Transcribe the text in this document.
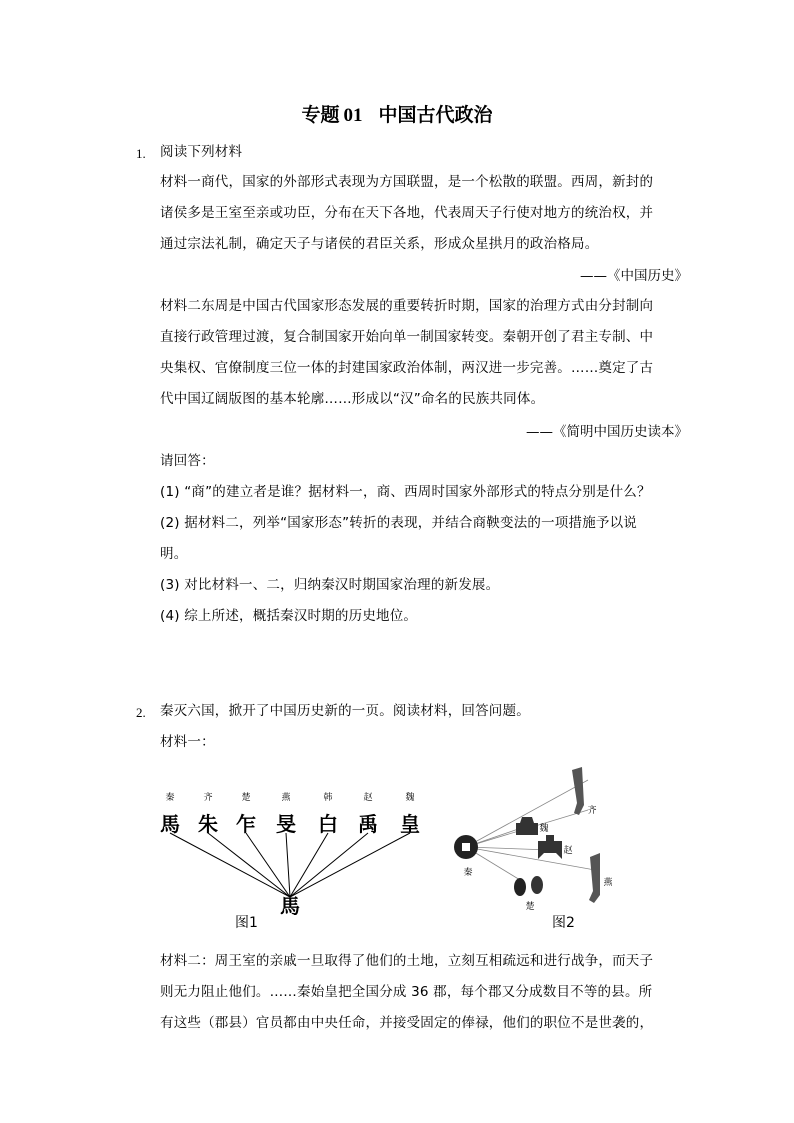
专题 01 中国古代政治
1. 阅读下列材料
材料一商代，国家的外部形式表现为方国联盟，是一个松散的联盟。西周，新封的
诸侯多是王室至亲或功臣，分布在天下各地，代表周天子行使对地方的统治权，并
通过宗法礼制，确定天子与诸侯的君臣关系，形成众星拱月的政治格局。
——《中国历史》
材料二东周是中国古代国家形态发展的重要转折时期，国家的治理方式由分封制向
直接行政管理过渡，复合制国家开始向单一制国家转变。秦朝开创了君主专制、中
央集权、官僚制度三位一体的封建国家政治体制，两汉进一步完善。……奠定了古
代中国辽阔版图的基本轮廓……形成以“汉”命名的民族共同体。
——《简明中国历史读本》
请回答：
(1) “商”的建立者是谁？据材料一，商、西周时国家外部形式的特点分别是什么？
(2) 据材料二，列举“国家形态”转折的表现，并结合商鞅变法的一项措施予以说
明。
(3) 对比材料一、二，归纳秦汉时期国家治理的新发展。
(4) 综上所述，概括秦汉时期的历史地位。
2. 秦灭六国，掀开了中国历史新的一页。阅读材料，回答问题。
材料一：
秦	齐	楚	燕	韩	赵	魏
馬 朱 乍 旻 白 禹 皇
馬
图1
秦
齐
魏
赵
燕
楚
图2
材料二：周王室的亲戚一旦取得了他们的土地，立刻互相疏远和进行战争，而天子
则无力阻止他们。……秦始皇把全国分成 36 郡，每个郡又分成数目不等的县。所
有这些（郡县）官员都由中央任命，并接受固定的俸禄，他们的职位不是世袭的，
